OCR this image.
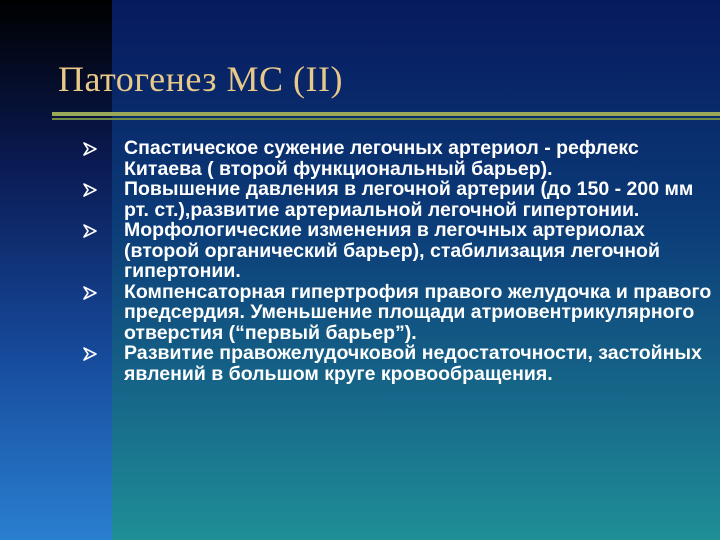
Патогенез МС (II)
Спастическое сужение легочных артериол - рефлекс Китаева ( второй функциональный барьер).
Повышение давления в легочной артерии (до 150 - 200 мм рт. ст.),развитие артериальной легочной гипертонии.
Морфологические изменения в легочных артериолах (второй органический барьер), стабилизация легочной гипертонии.
Компенсаторная гипертрофия правого желудочка и правого предсердия. Уменьшение площади атриовентрикулярного отверстия (“первый барьер”).
Развитие правожелудочковой недостаточности, застойных явлений в большом круге кровообращения.
